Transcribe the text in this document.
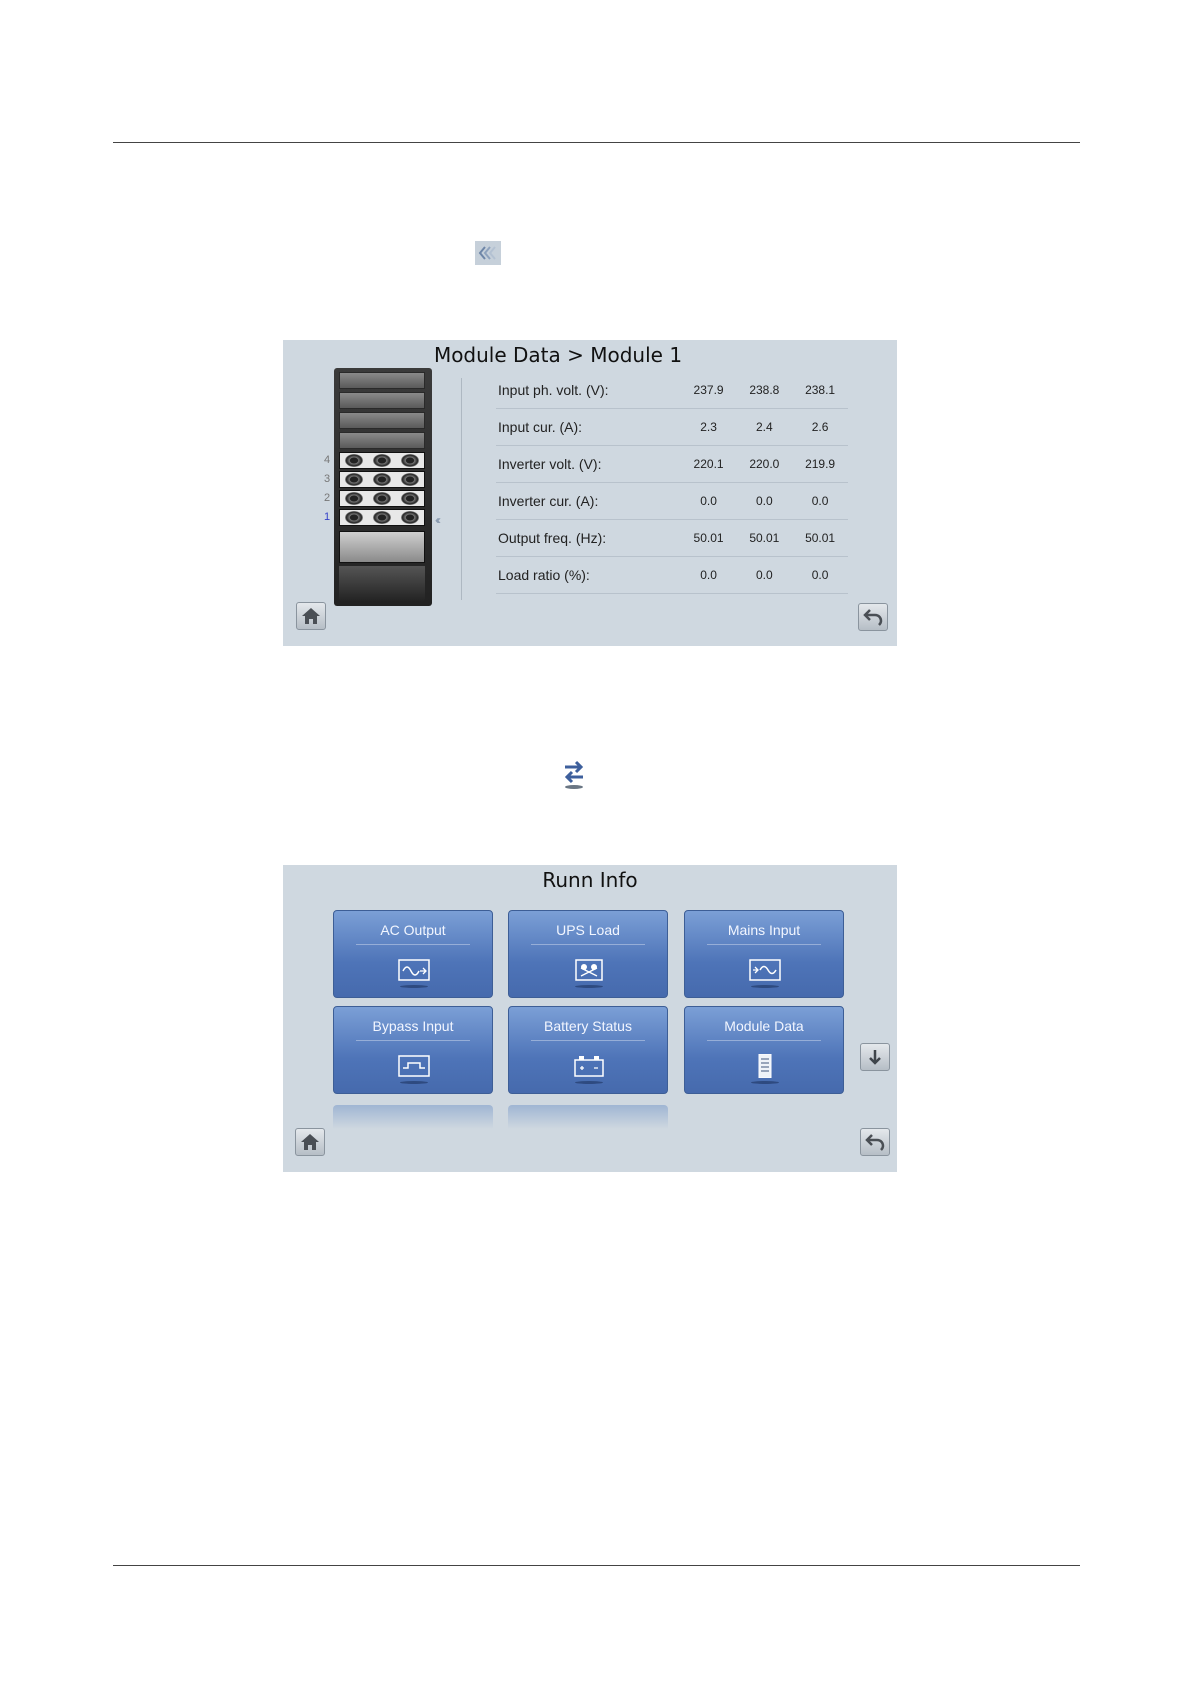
Module Data > Module 1
4
3
2
1	‹‹‹
Input ph. volt. (V):	237.9	238.8	238.1
Input cur. (A):	2.3	2.4	2.6
Inverter volt. (V):	220.1	220.0	219.9
Inverter cur. (A):	0.0	0.0	0.0
Output freq. (Hz):	50.01	50.01	50.01
Load ratio (%):	0.0	0.0	0.0
Runn Info
AC Output	UPS Load	Mains Input
Bypass Input	Battery Status	Module Data
